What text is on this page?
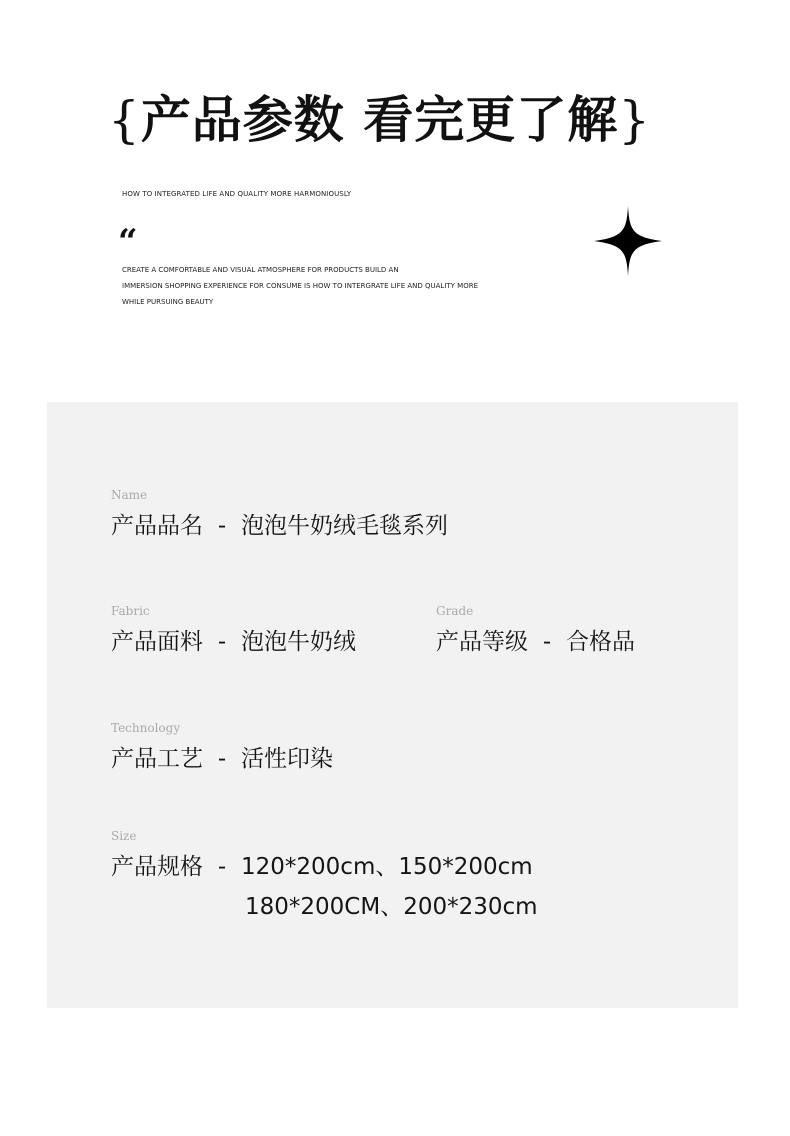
{产品参数 看完更了解}
HOW TO INTEGRATED LIFE AND QUALITY MORE HARMONIOUSLY
“
CREATE A COMFORTABLE AND VISUAL ATMOSPHERE FOR PRODUCTS BUILD AN
IMMERSION SHOPPING EXPERIENCE FOR CONSUME IS HOW TO INTERGRATE LIFE AND QUALITY MORE
WHILE PURSUING BEAUTY
Name
产品品名 - 泡泡牛奶绒毛毯系列
Fabric
产品面料 - 泡泡牛奶绒
Grade
产品等级 - 合格品
Technology
产品工艺 - 活性印染
Size
产品规格 - 120*200cm、150*200cm
180*200CM、200*230cm
